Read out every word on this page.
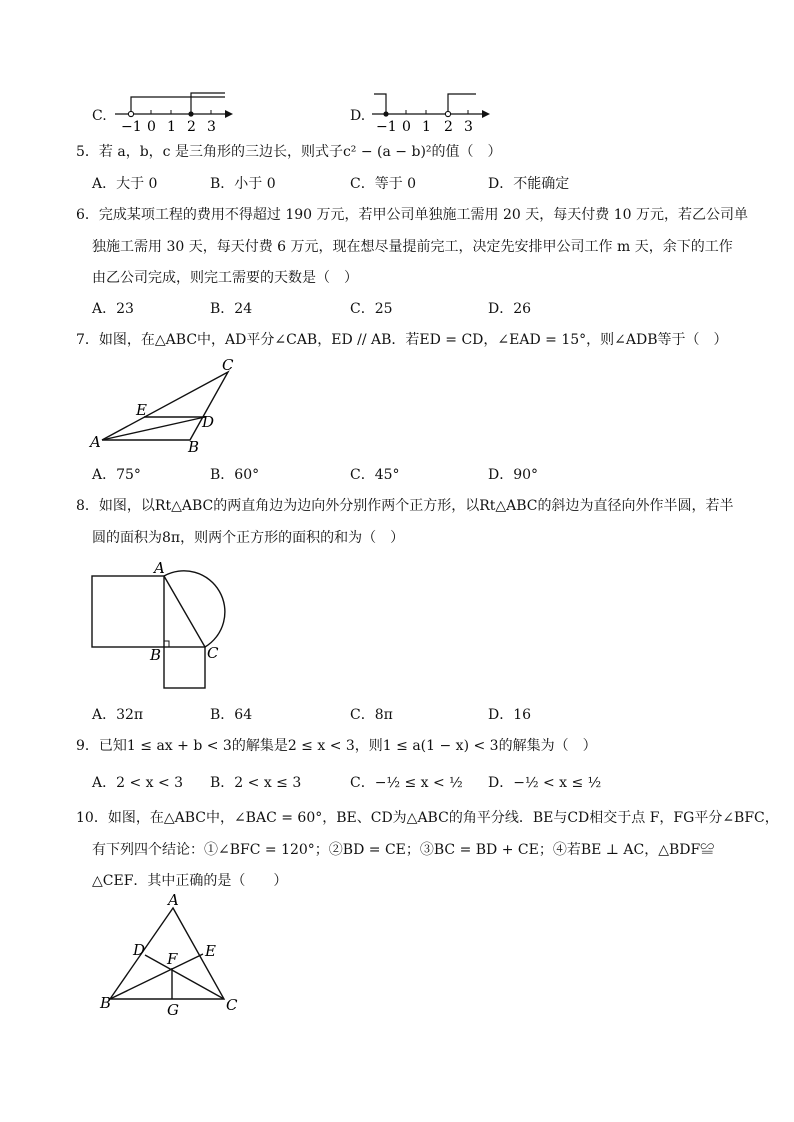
C.
−1 0 1 2 3
D.
−1 0 1 2 3
5．若 a，b，c 是三角形的三边长，则式子c² − (a − b)²的值（　）
A．大于 0	B．小于 0	C．等于 0	D．不能确定
6．完成某项工程的费用不得超过 190 万元，若甲公司单独施工需用 20 天，每天付费 10 万元，若乙公司单
独施工需用 30 天，每天付费 6 万元，现在想尽量提前完工，决定先安排甲公司工作 m 天，余下的工作
由乙公司完成，则完工需要的天数是（　）
A．23	B．24	C．25	D．26
7．如图，在△ABC中，AD平分∠CAB，ED // AB．若ED = CD，∠EAD = 15°，则∠ADB等于（　）
A	B
C
D
E
A．75°	B．60°	C．45°	D．90°
8．如图，以Rt△ABC的两直角边为边向外分别作两个正方形，以Rt△ABC的斜边为直径向外作半圆，若半
圆的面积为8π，则两个正方形的面积的和为（　）
A
B	C
A．32π	B．64	C．8π	D．16
9．已知1 ≤ ax + b < 3的解集是2 ≤ x < 3，则1 ≤ a(1 − x) < 3的解集为（　）
A．2 < x < 3 B．2 < x ≤ 3	C．−½ ≤ x < ½ D．−½ < x ≤ ½
10．如图，在△ABC中，∠BAC = 60°，BE、CD为△ABC的角平分线．BE与CD相交于点 F，FG平分∠BFC，
有下列四个结论：①∠BFC = 120°；②BD = CE；③BC = BD + CE；④若BE ⊥ AC，△BDF≌
△CEF．其中正确的是（　　）
A
B	C
D	E
F
G
